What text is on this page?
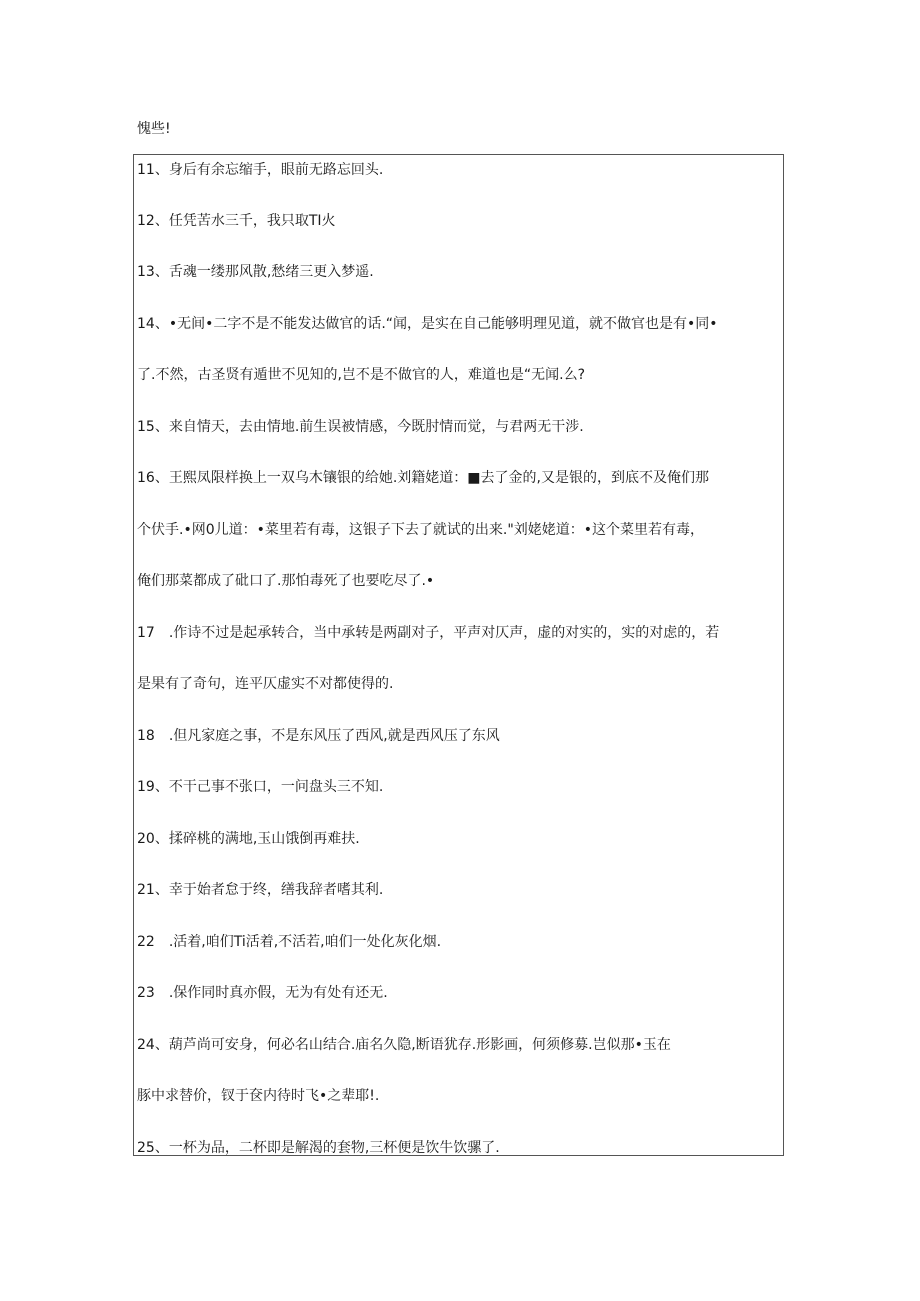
愧些!
11、身后有余忘缩手，眼前无路忘回头.
12、任凭苦水三千，我只取TI火
13、舌魂一缕那风散,愁绪三更入梦遥.
14、•无间•二字不是不能发达做官的话.“闻，是实在自己能够明理见道，就不做官也是有•同•
了.不然，古圣贤有遁世不见知的,岂不是不做官的人，难道也是“无闻.么?
15、来自情天，去由情地.前生误被情感，今既肘情而觉，与君两无干涉.
16、王熙凤限样换上一双乌木镶银的给她.刘籍姥道：■去了金的,又是银的，到底不及俺们那
个伏手.•网0儿道：•菜里若有毒，这银子下去了就试的出来."刘姥姥道：•这个菜里若有毒，
俺们那菜都成了砒口了.那怕毒死了也要吃尽了.•
17　.作诗不过是起承转合，当中承转是两副对子，平声对仄声，虚的对实的，实的对虑的，若
是果有了奇句，连平仄虚实不对都使得的.
18　.但凡家庭之事，不是东风压了西风,就是西风压了东风
19、不干己事不张口，一问盘头三不知.
20、揉碎桃的满地,玉山饿倒再难扶.
21、幸于始者怠于终，缮我辞者嗜其利.
22　.活着,咱们Ti活着,不活若,咱们一处化灰化烟.
23　.保作同时真亦假，无为有处有还无.
24、葫芦尚可安身，何必名山结合.庙名久隐,断语犹存.形影画，何须修募.岂似那•玉在
豚中求替价，钗于奁内待时飞•之辈耶!.
25、一杯为品，二杯即是解渴的套物,三杯便是饮牛饮骡了.
